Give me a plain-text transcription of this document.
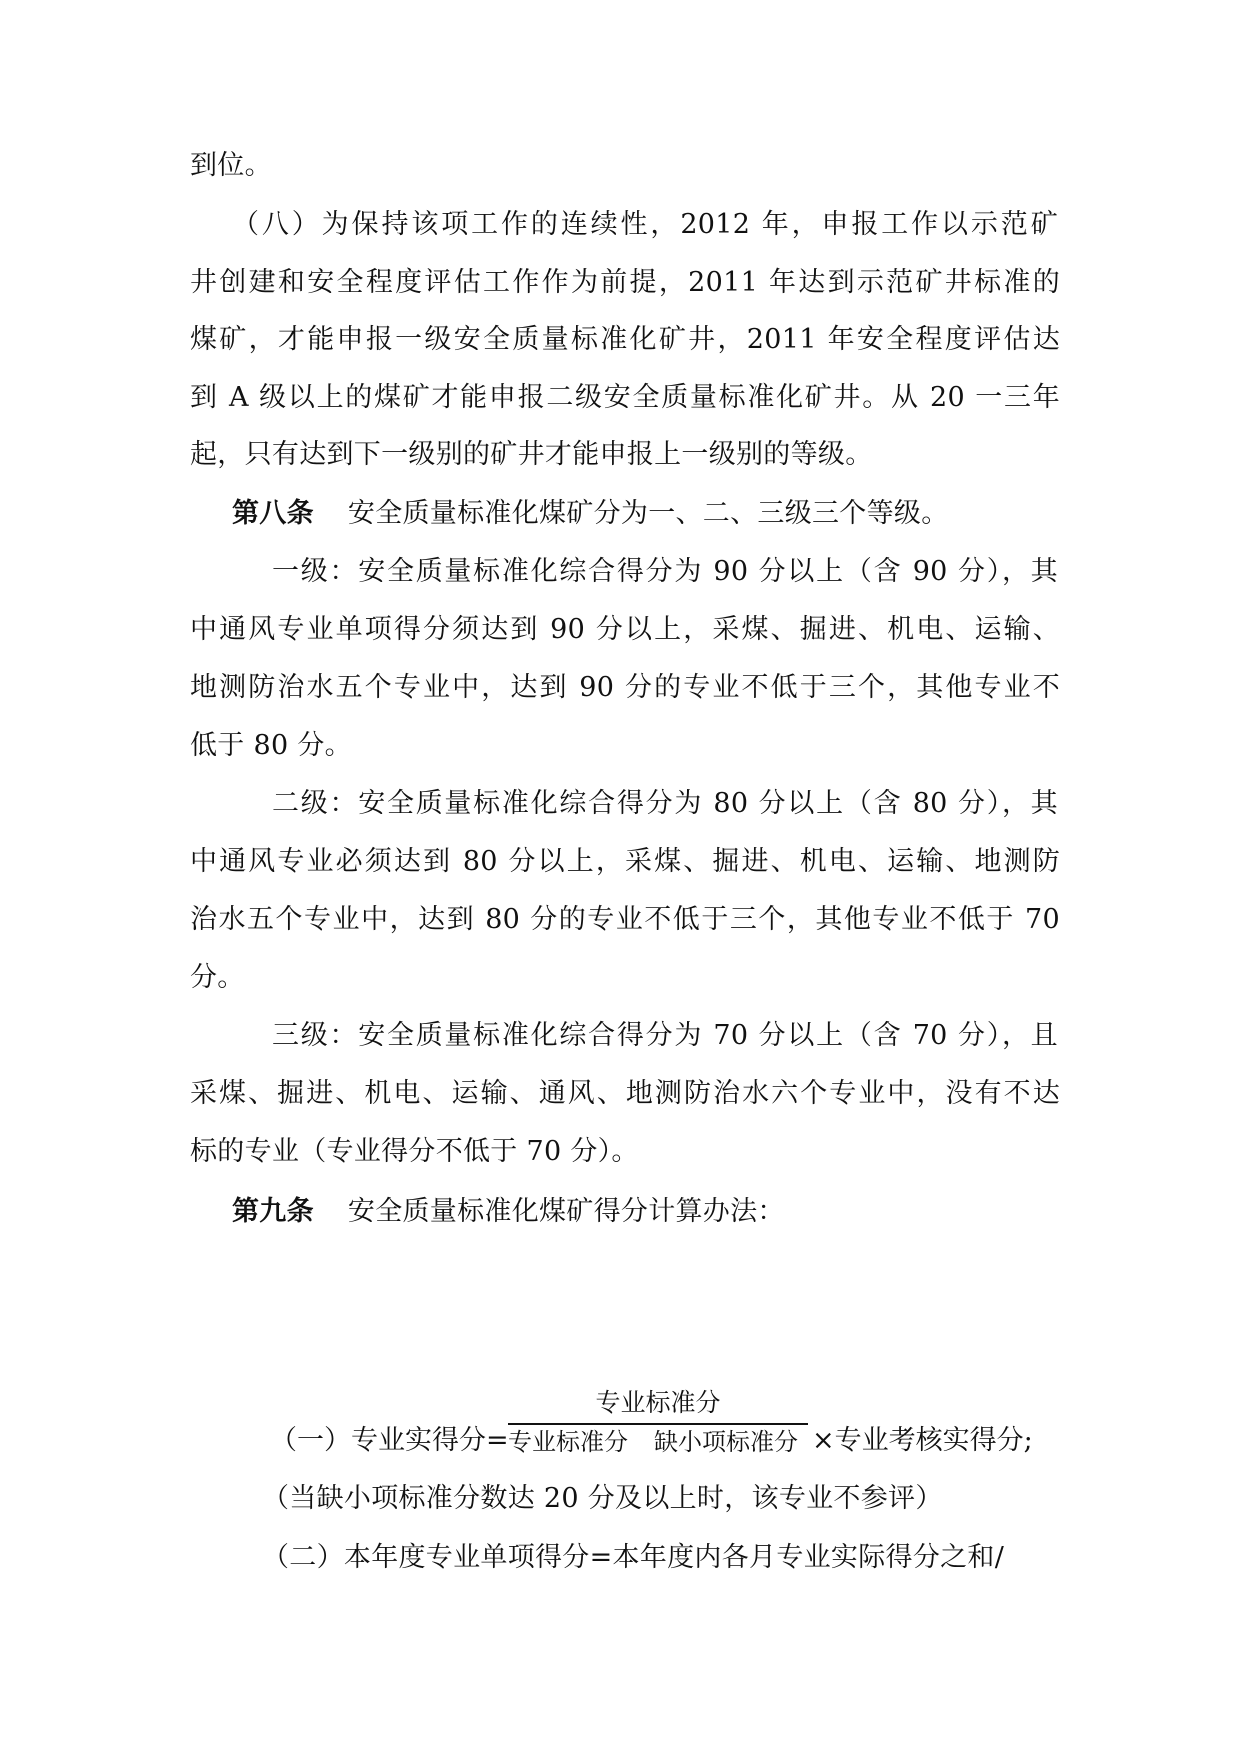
到位。
（八）为保持该项工作的连续性，2012 年，申报工作以示范矿
井创建和安全程度评估工作作为前提，2011 年达到示范矿井标准的
煤矿，才能申报一级安全质量标准化矿井，2011 年安全程度评估达
到 A 级以上的煤矿才能申报二级安全质量标准化矿井。从 20 一三年
起，只有达到下一级别的矿井才能申报上一级别的等级。
第八条 安全质量标准化煤矿分为一、二、三级三个等级。
一级：安全质量标准化综合得分为 90 分以上（含 90 分），其
中通风专业单项得分须达到 90 分以上，采煤、掘进、机电、运输、
地测防治水五个专业中，达到 90 分的专业不低于三个，其他专业不
低于 80 分。
二级：安全质量标准化综合得分为 80 分以上（含 80 分），其
中通风专业必须达到 80 分以上，采煤、掘进、机电、运输、地测防
治水五个专业中，达到 80 分的专业不低于三个，其他专业不低于 70
分。
三级：安全质量标准化综合得分为 70 分以上（含 70 分），且
采煤、掘进、机电、运输、通风、地测防治水六个专业中，没有不达
标的专业（专业得分不低于 70 分）。
第九条 安全质量标准化煤矿得分计算办法：
专业标准分
专业标准分 缺小项标准分
（一）专业实得分=	×专业考核实得分;
（当缺小项标准分数达 20 分及以上时，该专业不参评）
（二）本年度专业单项得分=本年度内各月专业实际得分之和/
